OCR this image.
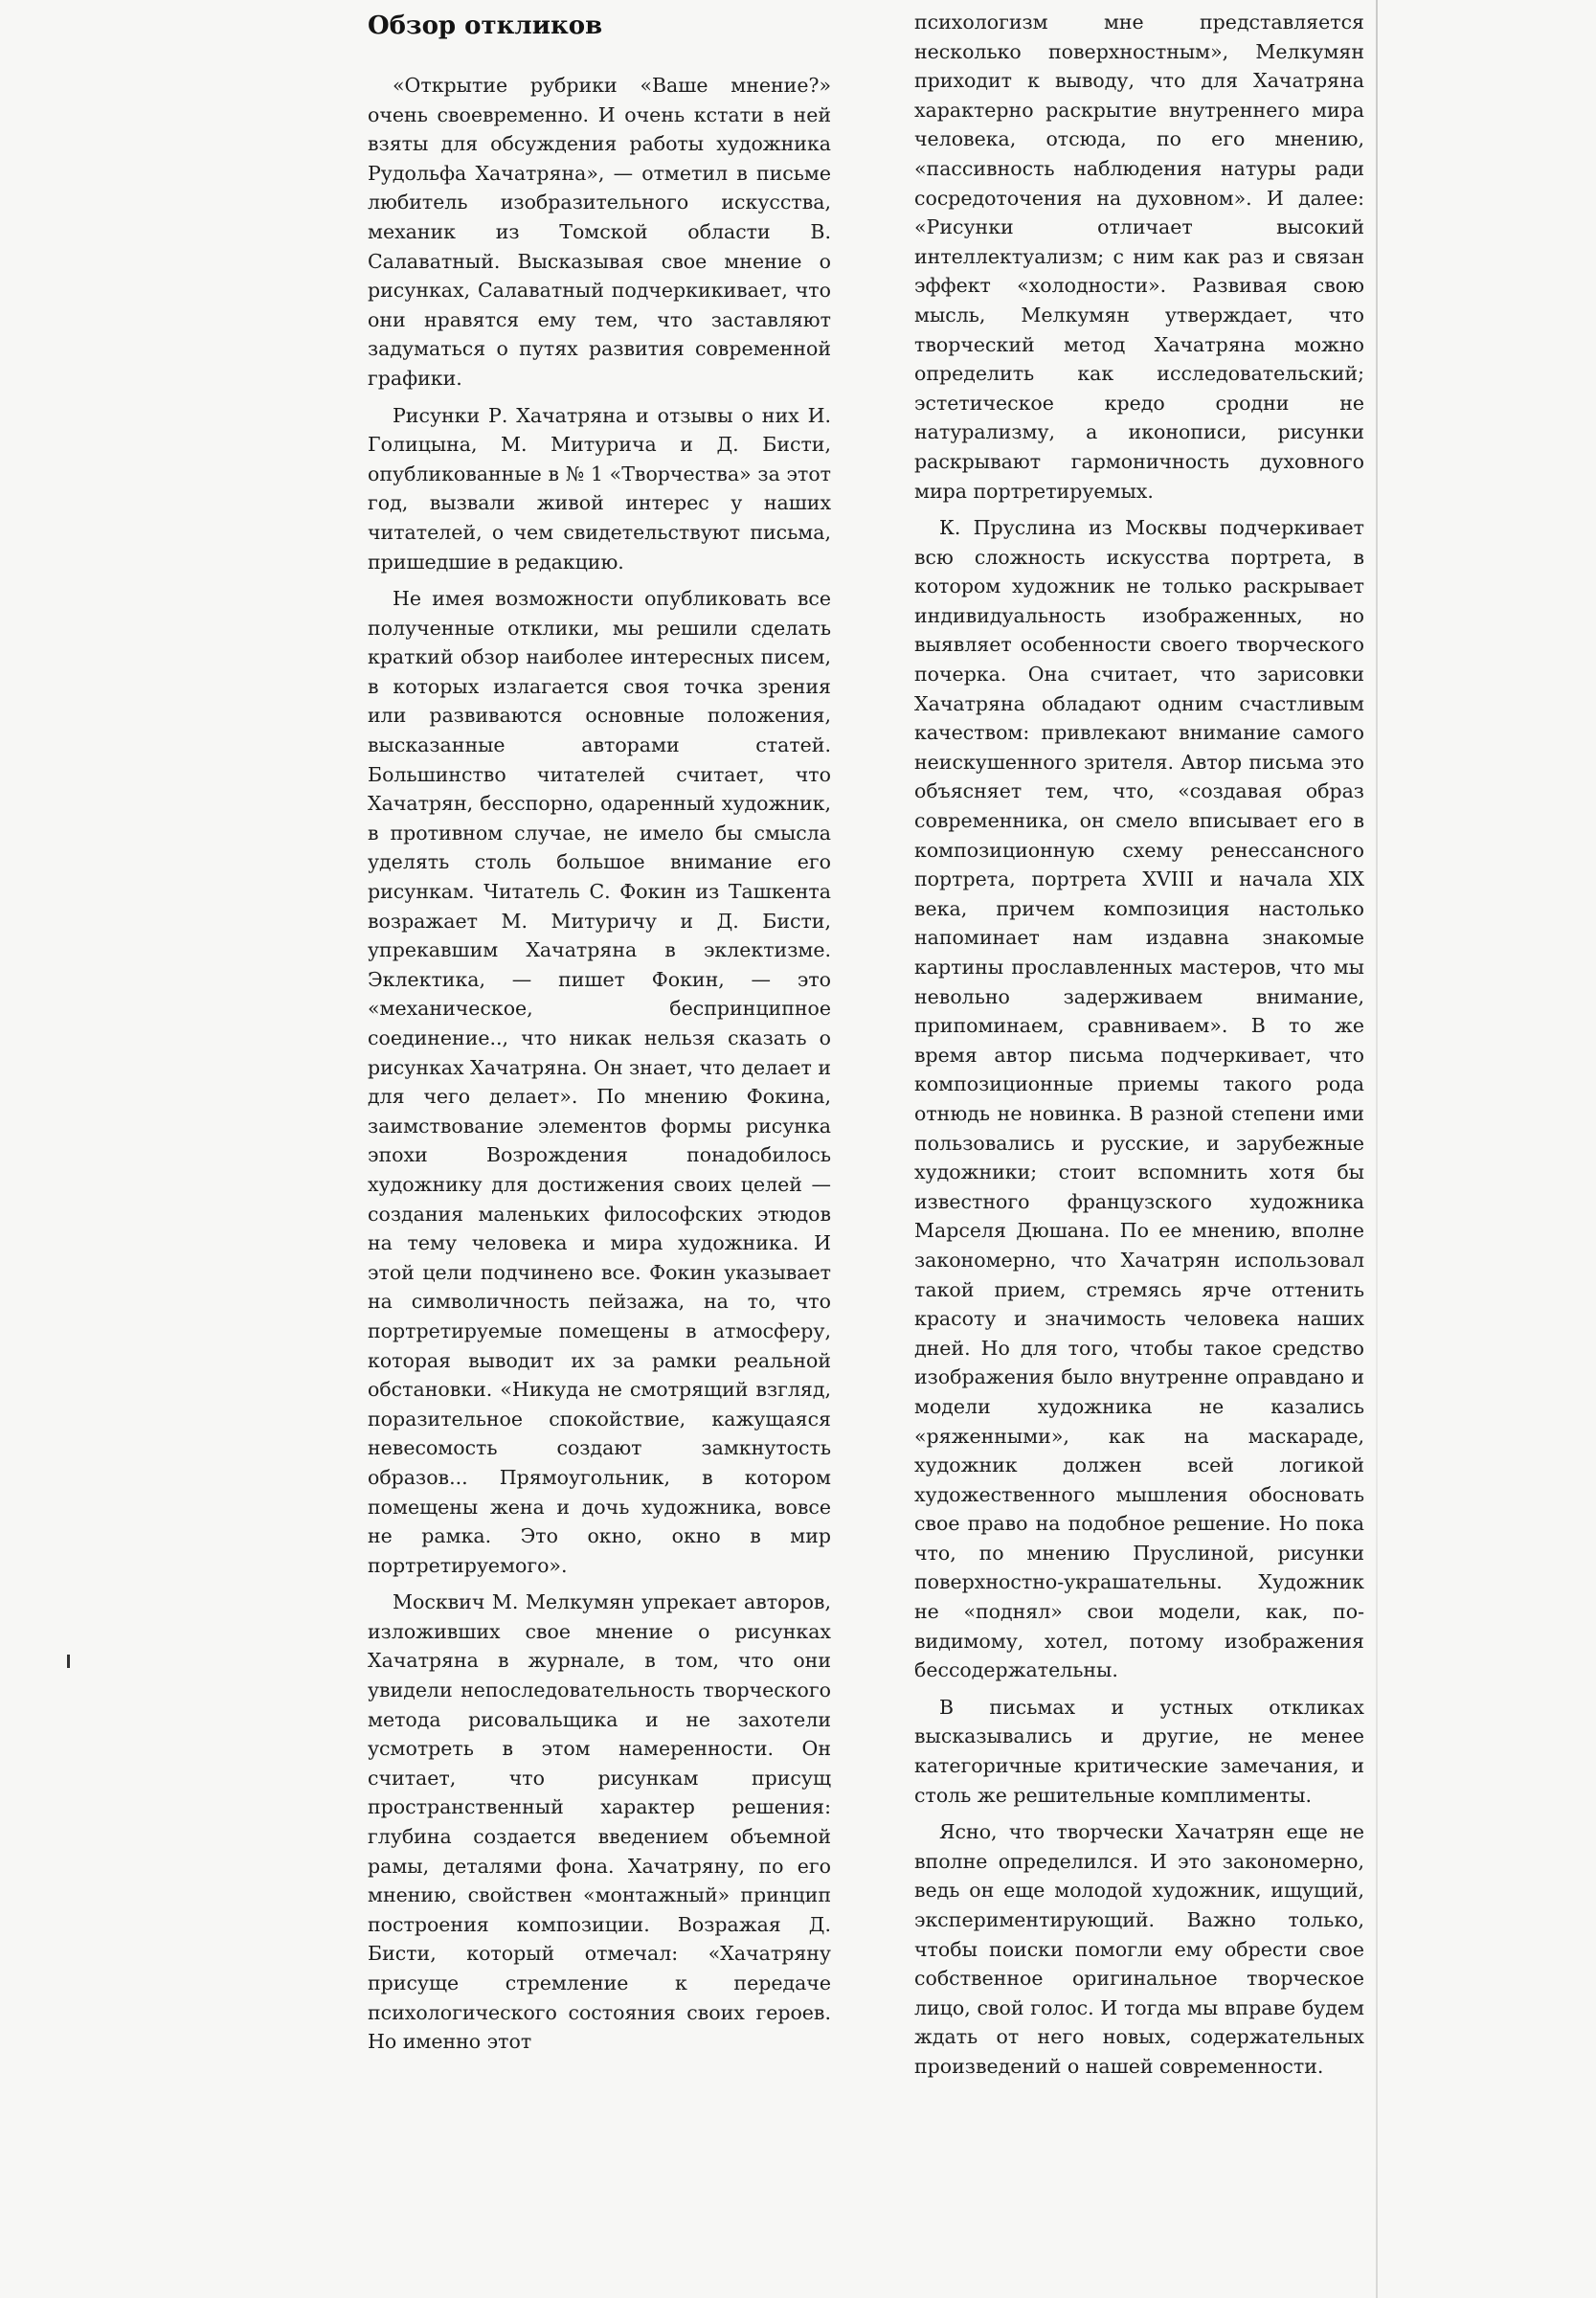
Обзор откликов

«Открытие рубрики «Ваше мнение?» очень своевременно. И очень кстати в ней взяты для обсуждения работы художника Рудольфа Хачатряна», — отметил в письме любитель изобразительного искусства, механик из Томской области В. Салаватный. Высказывая свое мнение о рисунках, Салаватный подчеркикивает, что они нравятся ему тем, что заставляют задуматься о путях развития современной графики.

Рисунки Р. Хачатряна и отзывы о них И. Голицына, М. Митурича и Д. Бисти, опубликованные в № 1 «Творчества» за этот год, вызвали живой интерес у наших читателей, о чем свидетельствуют письма, пришедшие в редакцию.

Не имея возможности опубликовать все полученные отклики, мы решили сделать краткий обзор наиболее интересных писем, в которых излагается своя точка зрения или развиваются основные положения, высказанные авторами статей. Большинство читателей считает, что Хачатрян, бесспорно, одаренный художник, в противном случае, не имело бы смысла уделять столь большое внимание его рисункам. Читатель С. Фокин из Ташкента возражает М. Митуричу и Д. Бисти, упрекавшим Хачатряна в эклектизме. Эклектика, — пишет Фокин, — это «механическое, беспринципное соединение.., что никак нельзя сказать о рисунках Хачатряна. Он знает, что делает и для чего делает». По мнению Фокина, заимствование элементов формы рисунка эпохи Возрождения понадобилось художнику для достижения своих целей — создания маленьких философских этюдов на тему человека и мира художника. И этой цели подчинено все. Фокин указывает на символичность пейзажа, на то, что портретируемые помещены в атмосферу, которая выводит их за рамки реальной обстановки. «Никуда не смотрящий взгляд, поразительное спокойствие, кажущаяся невесомость создают замкнутость образов... Прямоугольник, в котором помещены жена и дочь художника, вовсе не рамка. Это окно, окно в мир портретируемого».

Москвич М. Мелкумян упрекает авторов, изложивших свое мнение о рисунках Хачатряна в журнале, в том, что они увидели непоследовательность творческого метода рисовальщика и не захотели усмотреть в этом намеренности. Он считает, что рисункам присущ пространственный характер решения: глубина создается введением объемной рамы, деталями фона. Хачатряну, по его мнению, свойствен «монтажный» принцип построения композиции. Возражая Д. Бисти, который отмечал: «Хачатряну присуще стремление к передаче психологического состояния своих героев. Но именно этот

психологизм мне представляется несколько поверхностным», Мелкумян приходит к выводу, что для Хачатряна характерно раскрытие внутреннего мира человека, отсюда, по его мнению, «пассивность наблюдения натуры ради сосредоточения на духовном». И далее: «Рисунки отличает высокий интеллектуализм; с ним как раз и связан эффект «холодности». Развивая свою мысль, Мелкумян утверждает, что творческий метод Хачатряна можно определить как исследовательский; эстетическое кредо сродни не натурализму, а иконописи, рисунки раскрывают гармоничность духовного мира портретируемых.

К. Пруслина из Москвы подчеркивает всю сложность искусства портрета, в котором художник не только раскрывает индивидуальность изображенных, но выявляет особенности своего творческого почерка. Она считает, что зарисовки Хачатряна обладают одним счастливым качеством: привлекают внимание самого неискушенного зрителя. Автор письма это объясняет тем, что, «создавая образ современника, он смело вписывает его в композиционную схему ренессансного портрета, портрета XVIII и начала XIX века, причем композиция настолько напоминает нам издавна знакомые картины прославленных мастеров, что мы невольно задерживаем внимание, припоминаем, сравниваем». В то же время автор письма подчеркивает, что композиционные приемы такого рода отнюдь не новинка. В разной степени ими пользовались и русские, и зарубежные художники; стоит вспомнить хотя бы известного французского художника Марселя Дюшана. По ее мнению, вполне закономерно, что Хачатрян использовал такой прием, стремясь ярче оттенить красоту и значимость человека наших дней. Но для того, чтобы такое средство изображения было внутренне оправдано и модели художника не казались «ряженными», как на маскараде, художник должен всей логикой художественного мышления обосновать свое право на подобное решение. Но пока что, по мнению Пруслиной, рисунки поверхностно-украшательны. Художник не «поднял» свои модели, как, по-видимому, хотел, потому изображения бессодержательны.

В письмах и устных откликах высказывались и другие, не менее категоричные критические замечания, и столь же решительные комплименты.

Ясно, что творчески Хачатрян еще не вполне определился. И это закономерно, ведь он еще молодой художник, ищущий, экспериментирующий. Важно только, чтобы поиски помогли ему обрести свое собственное оригинальное творческое лицо, свой голос. И тогда мы вправе будем ждать от него новых, содержательных произведений о нашей современности.
